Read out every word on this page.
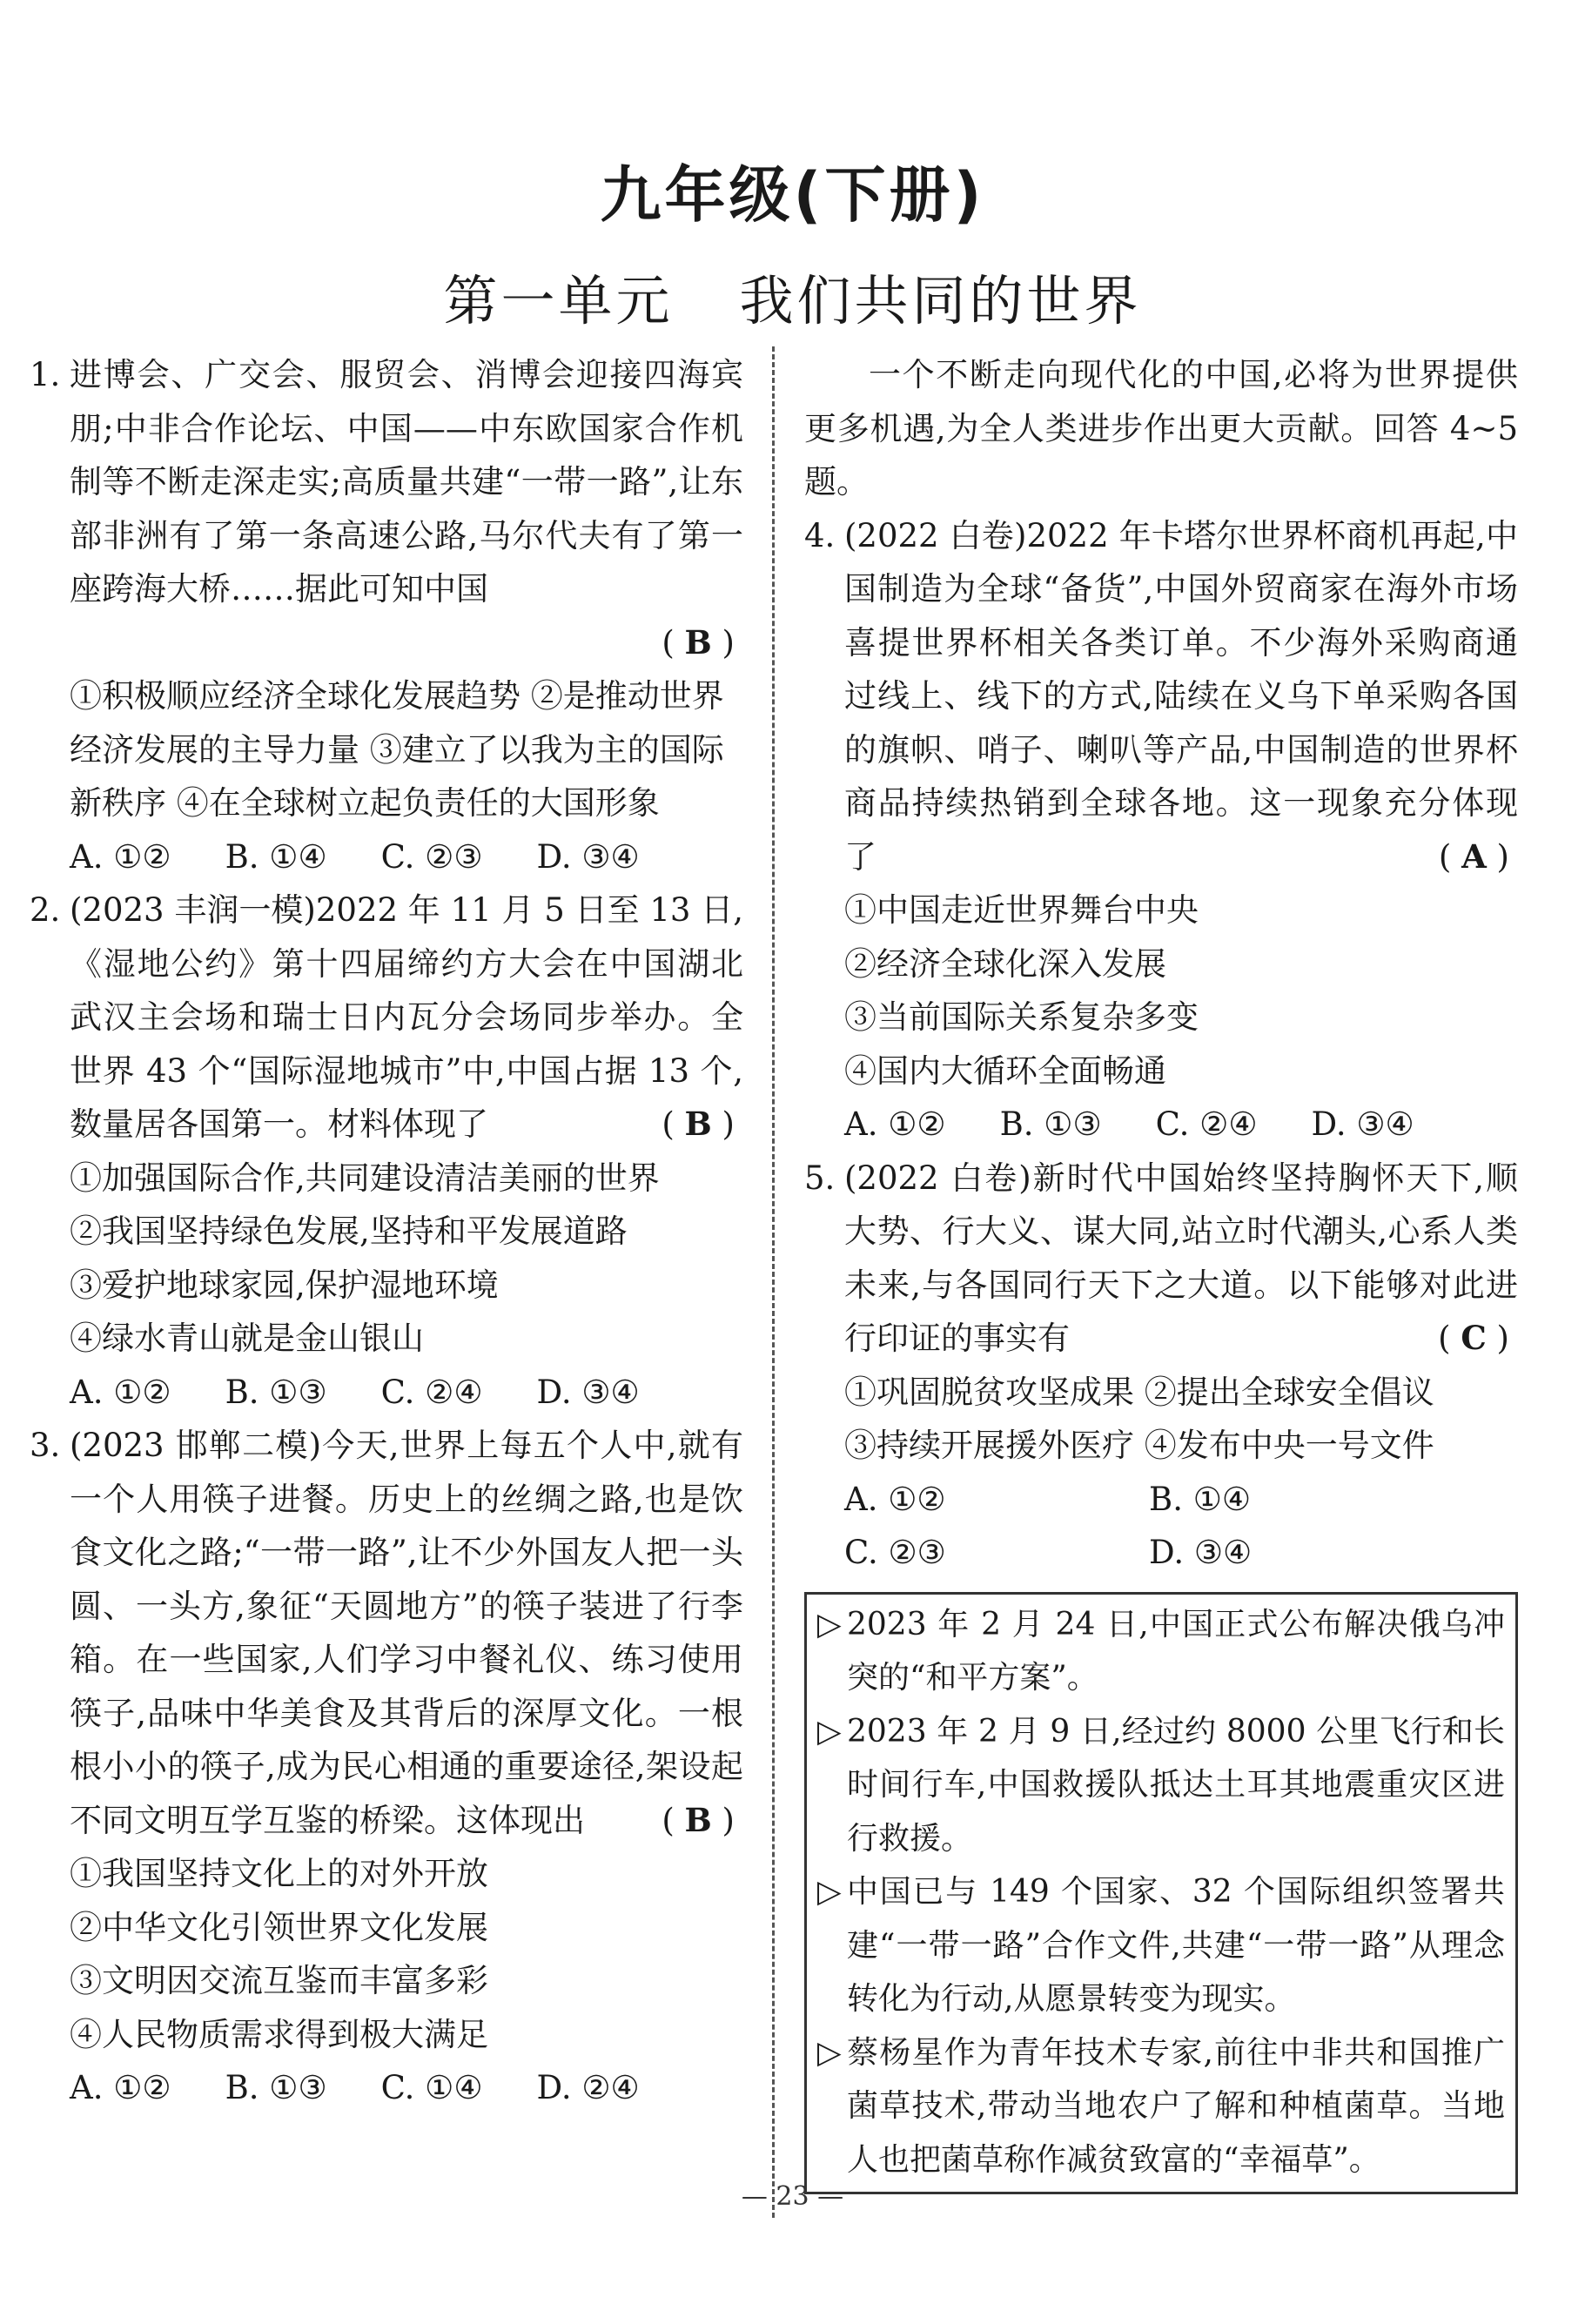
九年级(下册)
第一单元 我们共同的世界
1. 进博会、广交会、服贸会、消博会迎接四海宾朋;中非合作论坛、中国——中东欧国家合作机制等不断走深走实;高质量共建“一带一路”,让东部非洲有了第一条高速公路,马尔代夫有了第一座跨海大桥……据此可知中国
( B )
①积极顺应经济全球化发展趋势 ②是推动世界经济发展的主导力量 ③建立了以我为主的国际新秩序 ④在全球树立起负责任的大国形象
A. ①② B. ①④ C. ②③ D. ③④
2. (2023 丰润一模)2022 年 11 月 5 日至 13 日,《湿地公约》第十四届缔约方大会在中国湖北武汉主会场和瑞士日内瓦分会场同步举办。全世界 43 个“国际湿地城市”中,中国占据 13 个,数量居各国第一。材料体现了	( B )
①加强国际合作,共同建设清洁美丽的世界
②我国坚持绿色发展,坚持和平发展道路
③爱护地球家园,保护湿地环境
④绿水青山就是金山银山
A. ①② B. ①③ C. ②④ D. ③④
3. (2023 邯郸二模)今天,世界上每五个人中,就有一个人用筷子进餐。历史上的丝绸之路,也是饮食文化之路;“一带一路”,让不少外国友人把一头圆、一头方,象征“天圆地方”的筷子装进了行李箱。在一些国家,人们学习中餐礼仪、练习使用筷子,品味中华美食及其背后的深厚文化。一根根小小的筷子,成为民心相通的重要途径,架设起不同文明互学互鉴的桥梁。这体现出 ( B )
①我国坚持文化上的对外开放
②中华文化引领世界文化发展
③文明因交流互鉴而丰富多彩
④人民物质需求得到极大满足
A. ①② B. ①③ C. ①④ D. ②④
一个不断走向现代化的中国,必将为世界提供更多机遇,为全人类进步作出更大贡献。回答 4~5 题。
4. (2022 白卷)2022 年卡塔尔世界杯商机再起,中国制造为全球“备货”,中国外贸商家在海外市场喜提世界杯相关各类订单。不少海外采购商通过线上、线下的方式,陆续在义乌下单采购各国的旗帜、哨子、喇叭等产品,中国制造的世界杯商品持续热销到全球各地。这一现象充分体现了	( A )
①中国走近世界舞台中央
②经济全球化深入发展
③当前国际关系复杂多变
④国内大循环全面畅通
A. ①② B. ①③ C. ②④ D. ③④
5. (2022 白卷)新时代中国始终坚持胸怀天下,顺大势、行大义、谋大同,站立时代潮头,心系人类未来,与各国同行天下之大道。以下能够对此进行印证的事实有	( C )
①巩固脱贫攻坚成果 ②提出全球安全倡议
③持续开展援外医疗 ④发布中央一号文件
A. ①②	B. ①④
C. ②③	D. ③④
▷ 2023 年 2 月 24 日,中国正式公布解决俄乌冲突的“和平方案”。
▷ 2023 年 2 月 9 日,经过约 8000 公里飞行和长时间行车,中国救援队抵达土耳其地震重灾区进行救援。
▷ 中国已与 149 个国家、32 个国际组织签署共建“一带一路”合作文件,共建“一带一路”从理念转化为行动,从愿景转变为现实。
▷ 蔡杨星作为青年技术专家,前往中非共和国推广菌草技术,带动当地农户了解和种植菌草。当地人也把菌草称作减贫致富的“幸福草”。
— 23 —
